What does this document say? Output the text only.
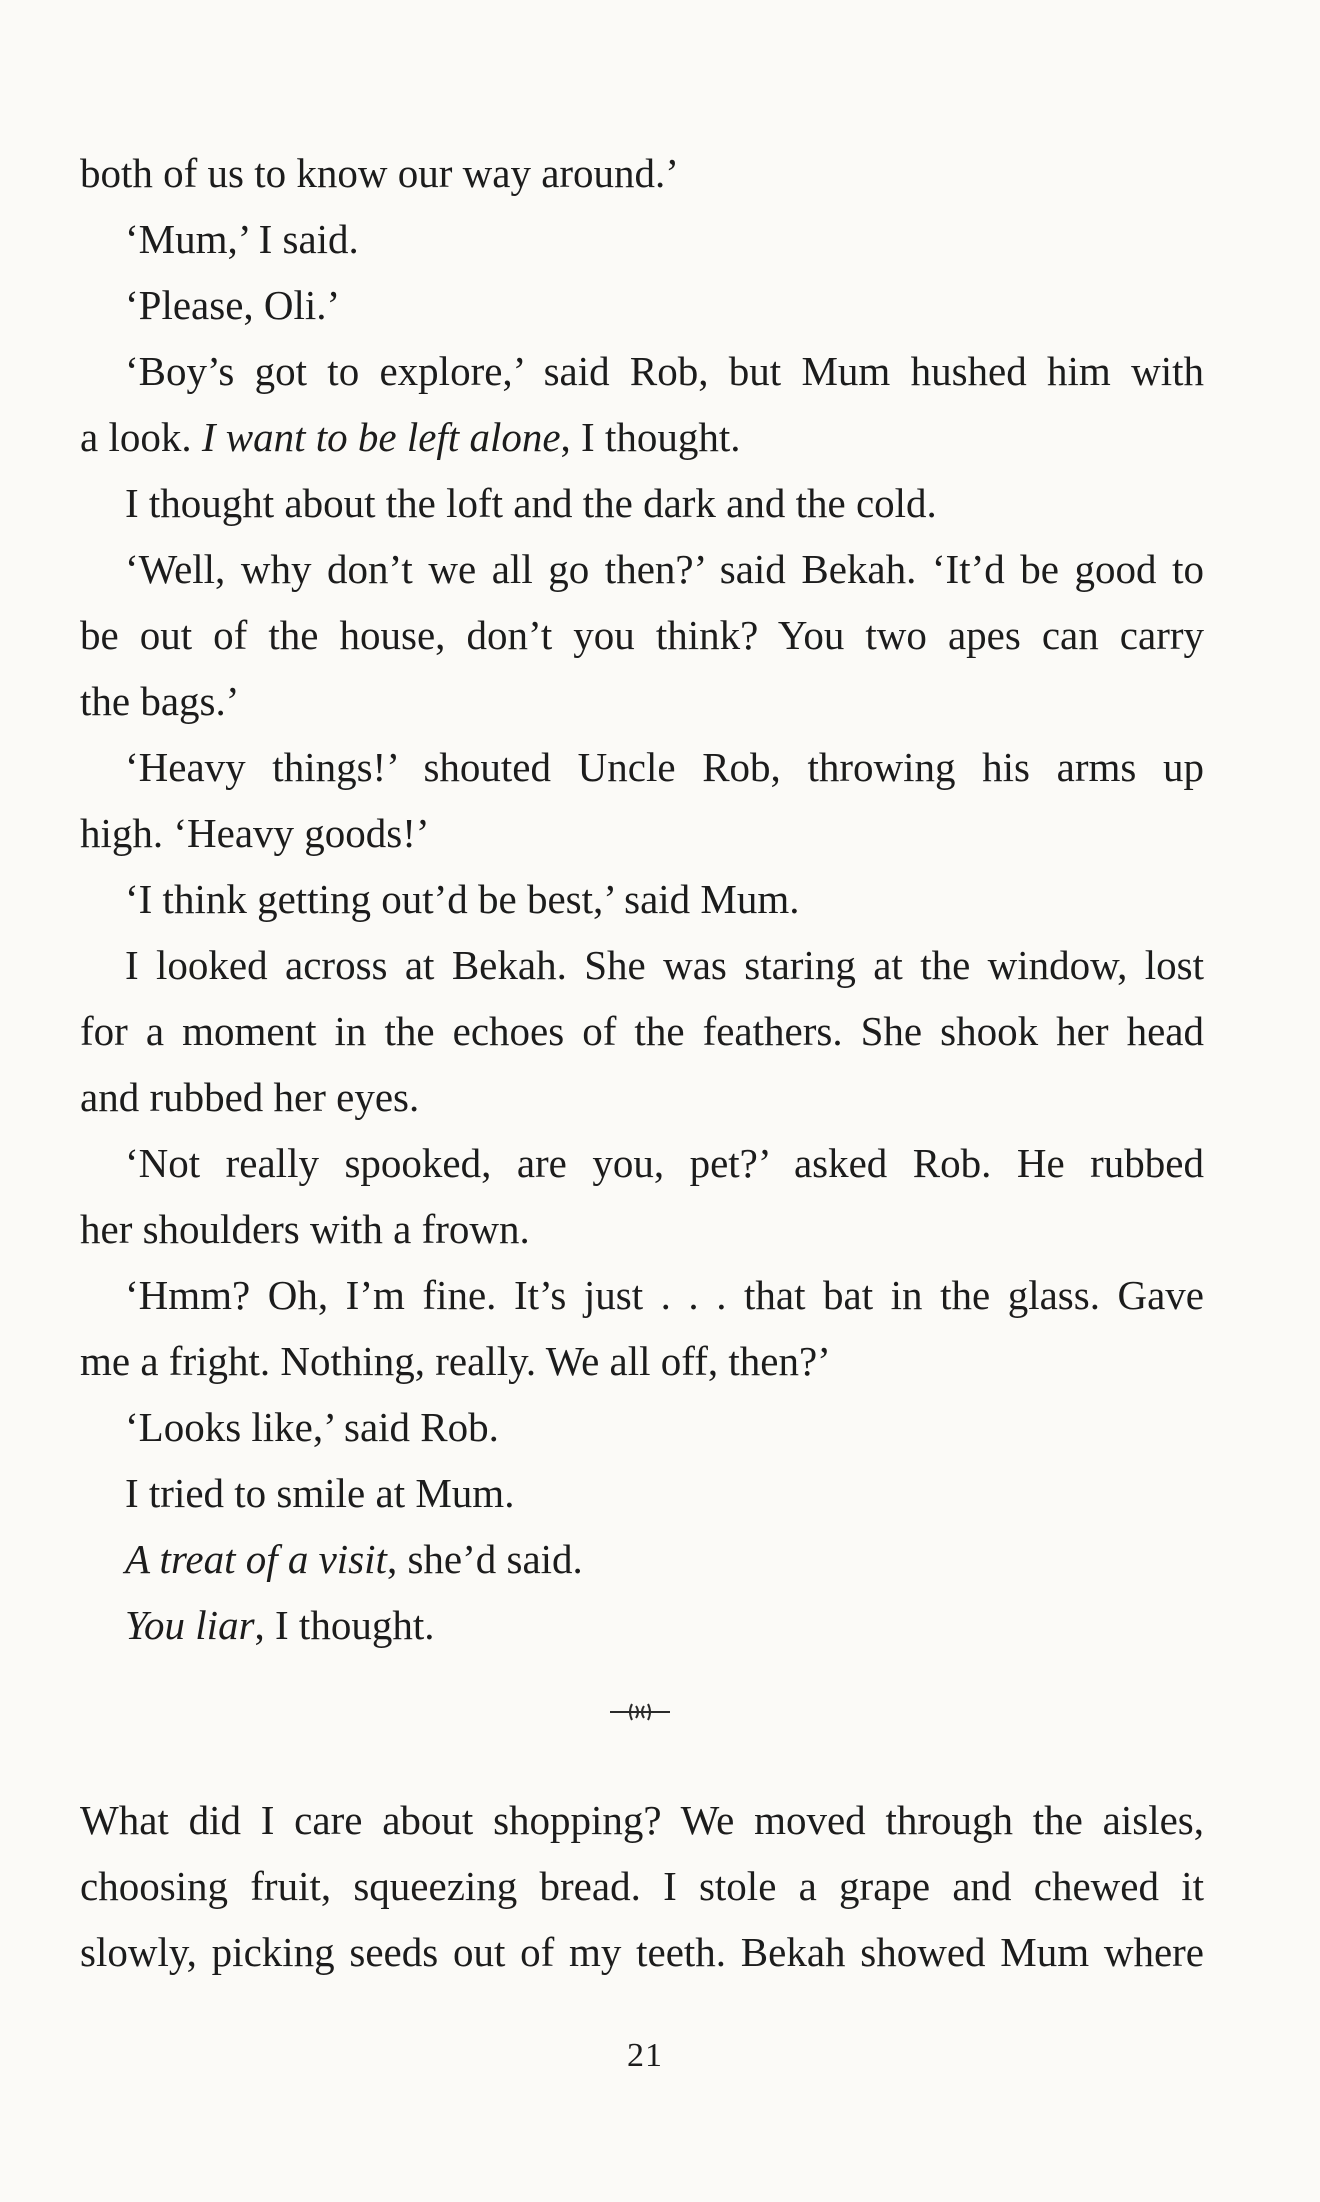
both of us to know our way around.’
‘Mum,’ I said.
‘Please, Oli.’
‘Boy’s got to explore,’ said Rob, but Mum hushed him with
a look. I want to be left alone, I thought.
I thought about the loft and the dark and the cold.
‘Well, why don’t we all go then?’ said Bekah. ‘It’d be good to
be out of the house, don’t you think? You two apes can carry
the bags.’
‘Heavy things!’ shouted Uncle Rob, throwing his arms up
high. ‘Heavy goods!’
‘I think getting out’d be best,’ said Mum.
I looked across at Bekah. She was staring at the window, lost
for a moment in the echoes of the feathers. She shook her head
and rubbed her eyes.
‘Not really spooked, are you, pet?’ asked Rob. He rubbed
her shoulders with a frown.
‘Hmm? Oh, I’m fine. It’s just . . . that bat in the glass. Gave
me a fright. Nothing, really. We all off, then?’
‘Looks like,’ said Rob.
I tried to smile at Mum.
A treat of a visit, she’d said.
You liar, I thought.
What did I care about shopping? We moved through the aisles,
choosing fruit, squeezing bread. I stole a grape and chewed it
slowly, picking seeds out of my teeth. Bekah showed Mum where
21
